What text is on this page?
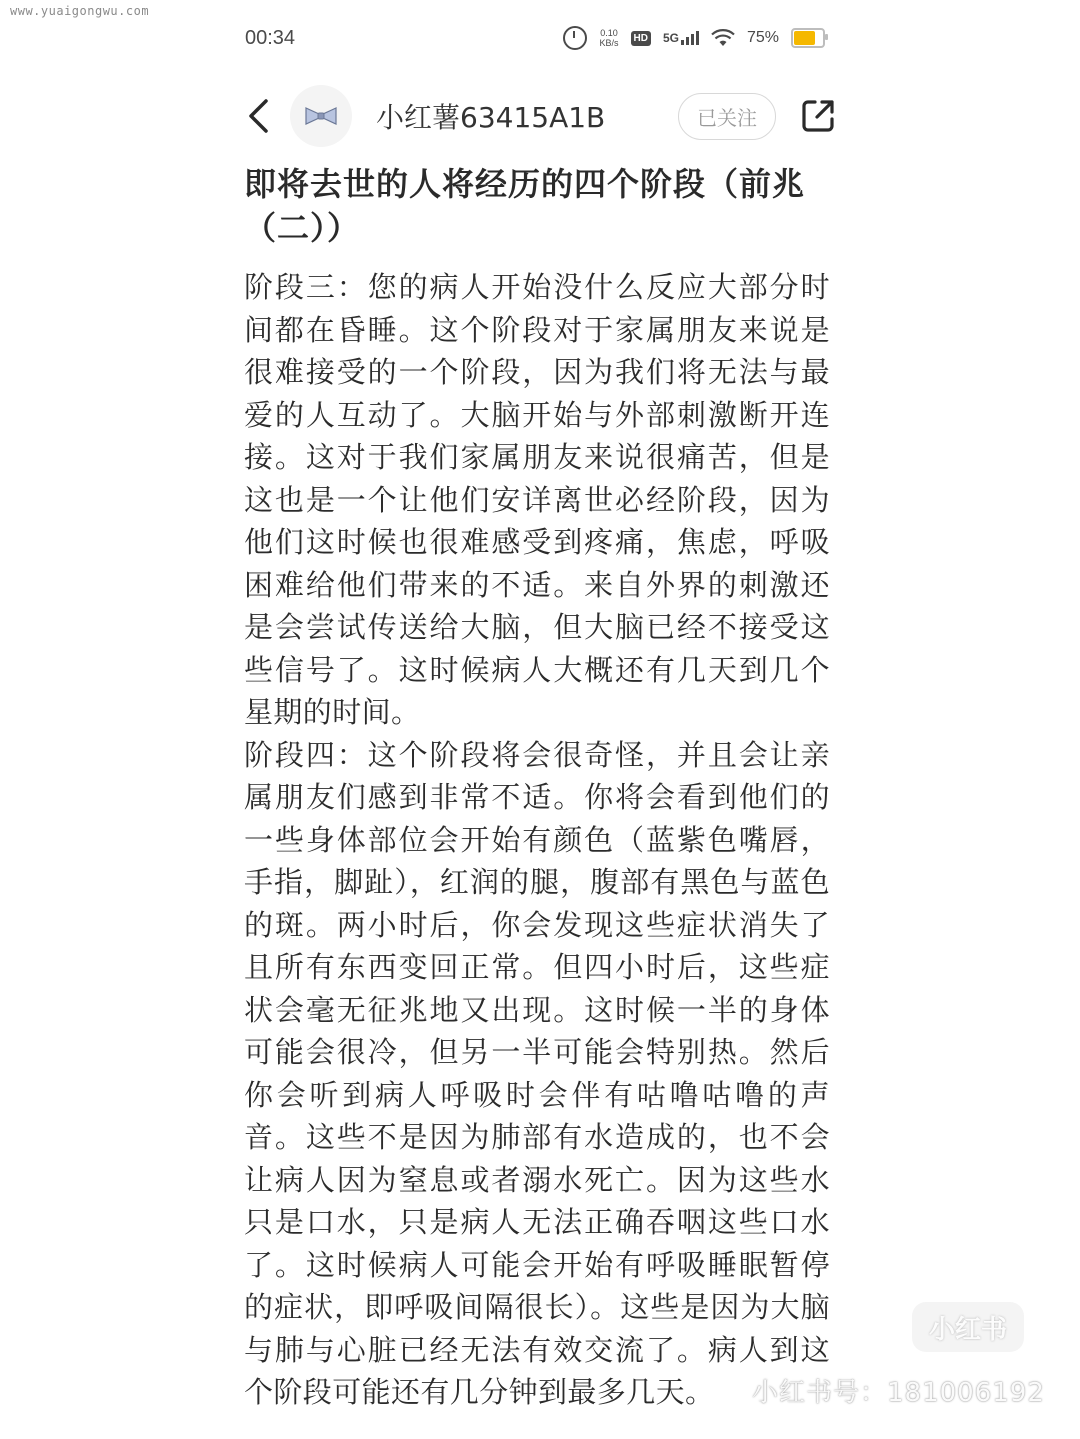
www.yuaigongwu.com
00:34	0.10
KB/s	HD 5G	75%
小红薯63415A1B	已关注
即将去世的人将经历的四个阶段（前兆（二））

阶段三：您的病人开始没什么反应大部分时间都在昏睡。这个阶段对于家属朋友来说是很难接受的一个阶段，因为我们将无法与最爱的人互动了。大脑开始与外部刺激断开连接。这对于我们家属朋友来说很痛苦，但是这也是一个让他们安详离世必经阶段，因为他们这时候也很难感受到疼痛，焦虑，呼吸困难给他们带来的不适。来自外界的刺激还是会尝试传送给大脑，但大脑已经不接受这些信号了。这时候病人大概还有几天到几个星期的时间。

阶段四：这个阶段将会很奇怪，并且会让亲属朋友们感到非常不适。你将会看到他们的一些身体部位会开始有颜色（蓝紫色嘴唇，手指，脚趾），红润的腿，腹部有黑色与蓝色的斑。两小时后，你会发现这些症状消失了且所有东西变回正常。但四小时后，这些症状会毫无征兆地又出现。这时候一半的身体可能会很冷，但另一半可能会特别热。然后你会听到病人呼吸时会伴有咕噜咕噜的声音。这些不是因为肺部有水造成的，也不会让病人因为窒息或者溺水死亡。因为这些水只是口水，只是病人无法正确吞咽这些口水了。这时候病人可能会开始有呼吸睡眠暂停的症状，即呼吸间隔很长）。这些是因为大脑与肺与心脏已经无法有效交流了。病人到这个阶段可能还有几分钟到最多几天。

小红书
小红书号：181006192
